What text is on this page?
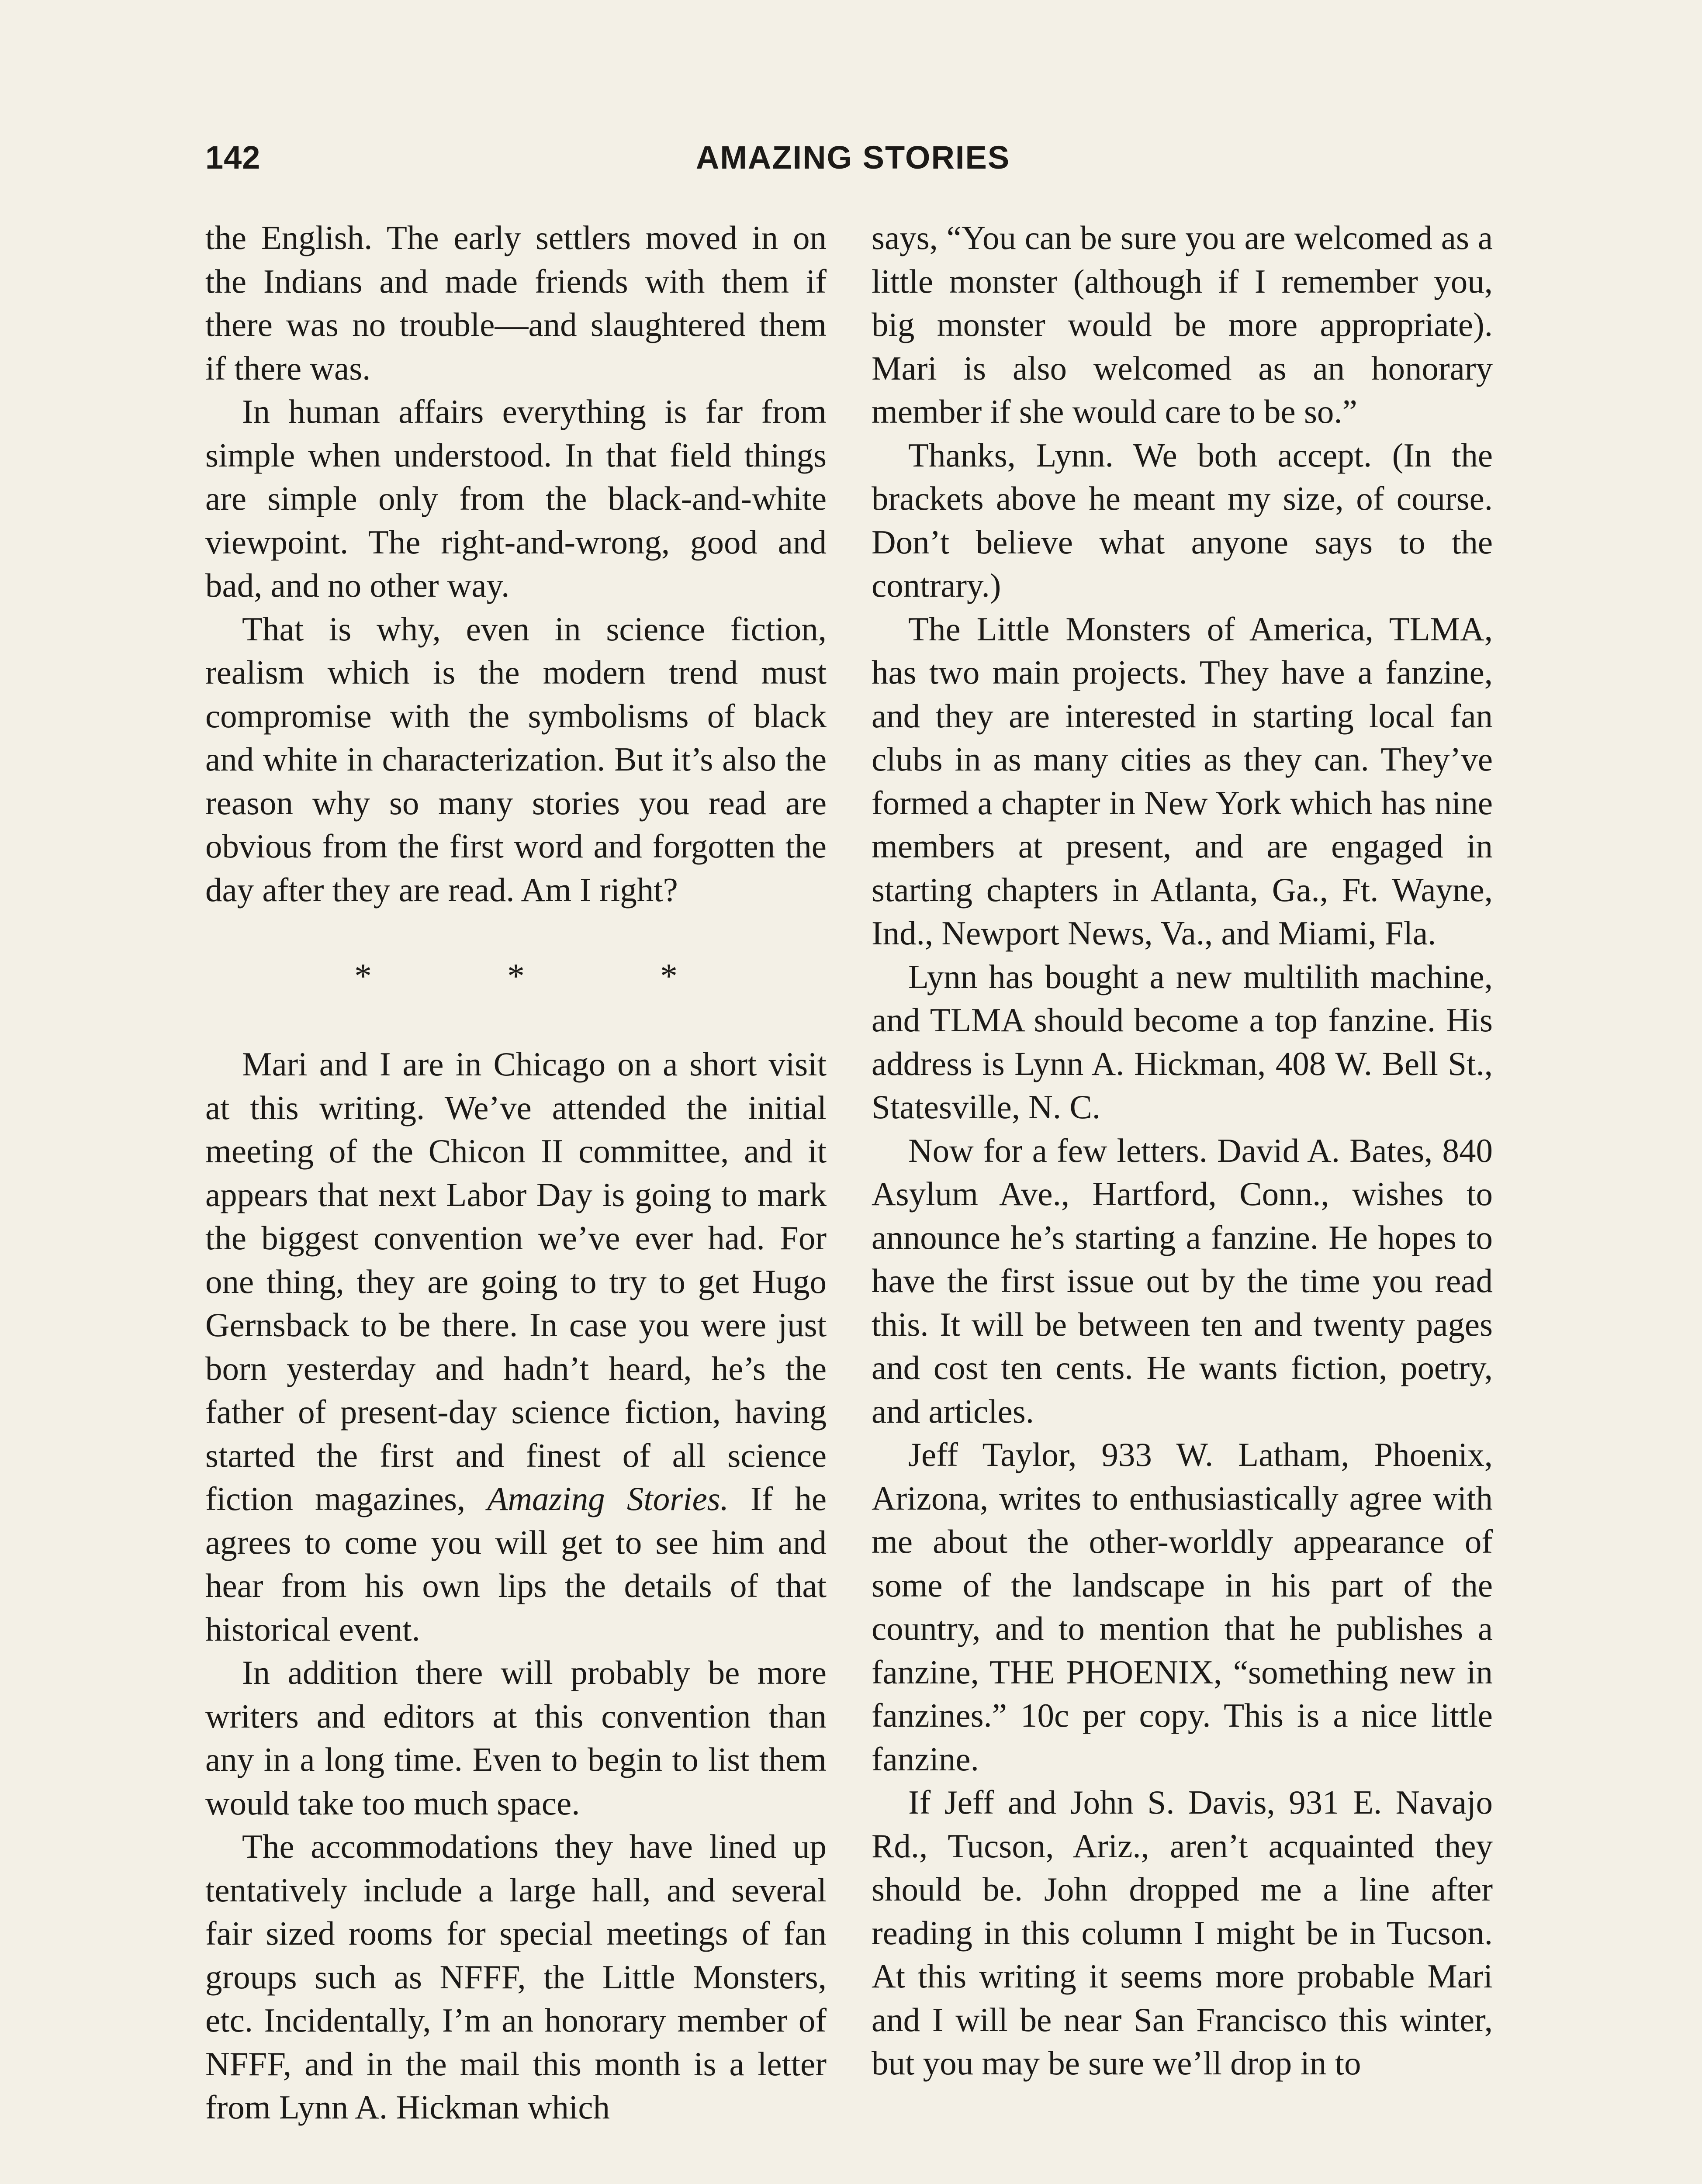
142	AMAZING STORIES

the English. The early settlers moved in on the Indians and made friends with them if there was no trouble—and slaughtered them if there was.

In human affairs everything is far from simple when understood. In that field things are simple only from the black-and-white viewpoint. The right-and-wrong, good and bad, and no other way.

That is why, even in science fiction, realism which is the modern trend must compromise with the symbolisms of black and white in characterization. But it’s also the reason why so many stories you read are obvious from the first word and forgotten the day after they are read. Am I right?

*	*	*

Mari and I are in Chicago on a short visit at this writing. We’ve attended the initial meeting of the Chicon II committee, and it appears that next Labor Day is going to mark the biggest convention we’ve ever had. For one thing, they are going to try to get Hugo Gernsback to be there. In case you were just born yesterday and hadn’t heard, he’s the father of present-day science fiction, having started the first and finest of all science fiction magazines, Amazing Stories. If he agrees to come you will get to see him and hear from his own lips the details of that historical event.

In addition there will probably be more writers and editors at this convention than any in a long time. Even to begin to list them would take too much space.

The accommodations they have lined up tentatively include a large hall, and several fair sized rooms for special meetings of fan groups such as NFFF, the Little Monsters, etc. Incidentally, I’m an honorary member of NFFF, and in the mail this month is a letter from Lynn A. Hickman which

says, “You can be sure you are welcomed as a little monster (although if I remember you, big monster would be more appropriate). Mari is also welcomed as an honorary member if she would care to be so.”

Thanks, Lynn. We both accept. (In the brackets above he meant my size, of course. Don’t believe what anyone says to the contrary.)

The Little Monsters of America, TLMA, has two main projects. They have a fanzine, and they are interested in starting local fan clubs in as many cities as they can. They’ve formed a chapter in New York which has nine members at present, and are engaged in starting chapters in Atlanta, Ga., Ft. Wayne, Ind., Newport News, Va., and Miami, Fla.

Lynn has bought a new multilith machine, and TLMA should become a top fanzine. His address is Lynn A. Hickman, 408 W. Bell St., Statesville, N. C.

Now for a few letters. David A. Bates, 840 Asylum Ave., Hartford, Conn., wishes to announce he’s starting a fanzine. He hopes to have the first issue out by the time you read this. It will be between ten and twenty pages and cost ten cents. He wants fiction, poetry, and articles.

Jeff Taylor, 933 W. Latham, Phoenix, Arizona, writes to enthusiastically agree with me about the other-worldly appearance of some of the landscape in his part of the country, and to mention that he publishes a fanzine, THE PHOENIX, “something new in fanzines.” 10c per copy. This is a nice little fanzine.

If Jeff and John S. Davis, 931 E. Navajo Rd., Tucson, Ariz., aren’t acquainted they should be. John dropped me a line after reading in this column I might be in Tucson. At this writing it seems more probable Mari and I will be near San Francisco this winter, but you may be sure we’ll drop in to
